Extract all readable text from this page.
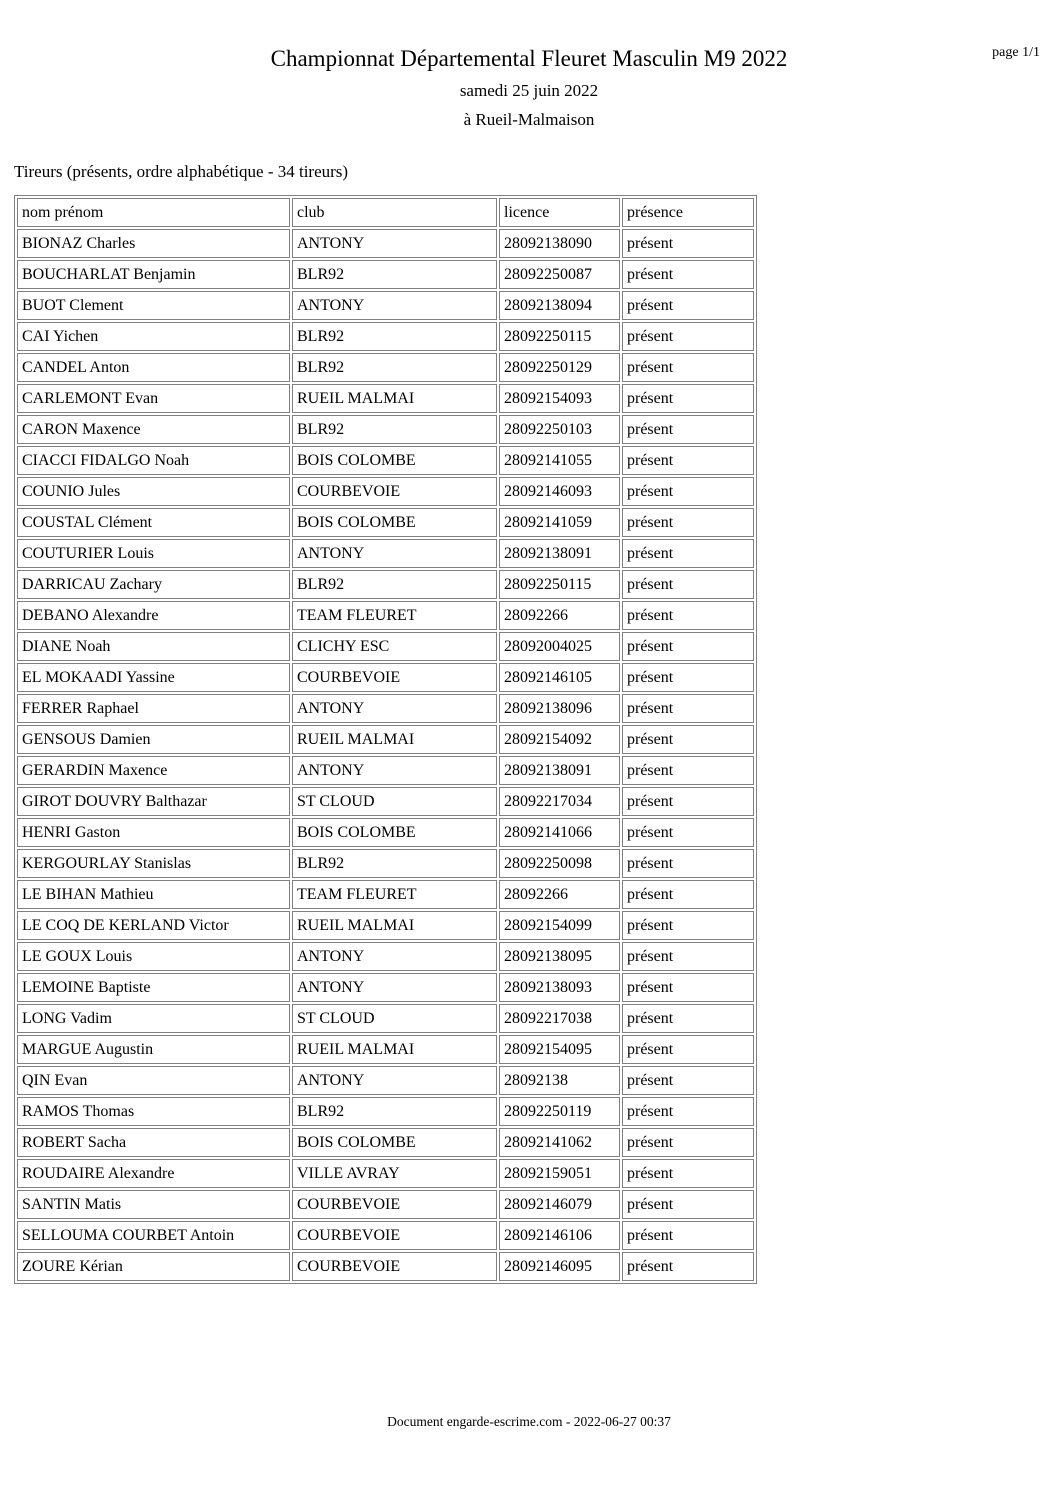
page 1/1
Championnat Départemental Fleuret Masculin M9 2022
samedi 25 juin 2022
à Rueil-Malmaison
Tireurs (présents, ordre alphabétique - 34 tireurs)
nom prénom	club	licence	présence
BIONAZ Charles	ANTONY	28092138090	présent
BOUCHARLAT Benjamin	BLR92	28092250087	présent
BUOT Clement	ANTONY	28092138094	présent
CAI Yichen	BLR92	28092250115	présent
CANDEL Anton	BLR92	28092250129	présent
CARLEMONT Evan	RUEIL MALMAI	28092154093	présent
CARON Maxence	BLR92	28092250103	présent
CIACCI FIDALGO Noah	BOIS COLOMBE	28092141055	présent
COUNIO Jules	COURBEVOIE	28092146093	présent
COUSTAL Clément	BOIS COLOMBE	28092141059	présent
COUTURIER Louis	ANTONY	28092138091	présent
DARRICAU Zachary	BLR92	28092250115	présent
DEBANO Alexandre	TEAM FLEURET	28092266	présent
DIANE Noah	CLICHY ESC	28092004025	présent
EL MOKAADI Yassine	COURBEVOIE	28092146105	présent
FERRER Raphael	ANTONY	28092138096	présent
GENSOUS Damien	RUEIL MALMAI	28092154092	présent
GERARDIN Maxence	ANTONY	28092138091	présent
GIROT DOUVRY Balthazar	ST CLOUD	28092217034	présent
HENRI Gaston	BOIS COLOMBE	28092141066	présent
KERGOURLAY Stanislas	BLR92	28092250098	présent
LE BIHAN Mathieu	TEAM FLEURET	28092266	présent
LE COQ DE KERLAND Victor	RUEIL MALMAI	28092154099	présent
LE GOUX Louis	ANTONY	28092138095	présent
LEMOINE Baptiste	ANTONY	28092138093	présent
LONG Vadim	ST CLOUD	28092217038	présent
MARGUE Augustin	RUEIL MALMAI	28092154095	présent
QIN Evan	ANTONY	28092138	présent
RAMOS Thomas	BLR92	28092250119	présent
ROBERT Sacha	BOIS COLOMBE	28092141062	présent
ROUDAIRE Alexandre	VILLE AVRAY	28092159051	présent
SANTIN Matis	COURBEVOIE	28092146079	présent
SELLOUMA COURBET Antoin	COURBEVOIE	28092146106	présent
ZOURE Kérian	COURBEVOIE	28092146095	présent
Document engarde-escrime.com - 2022-06-27 00:37
